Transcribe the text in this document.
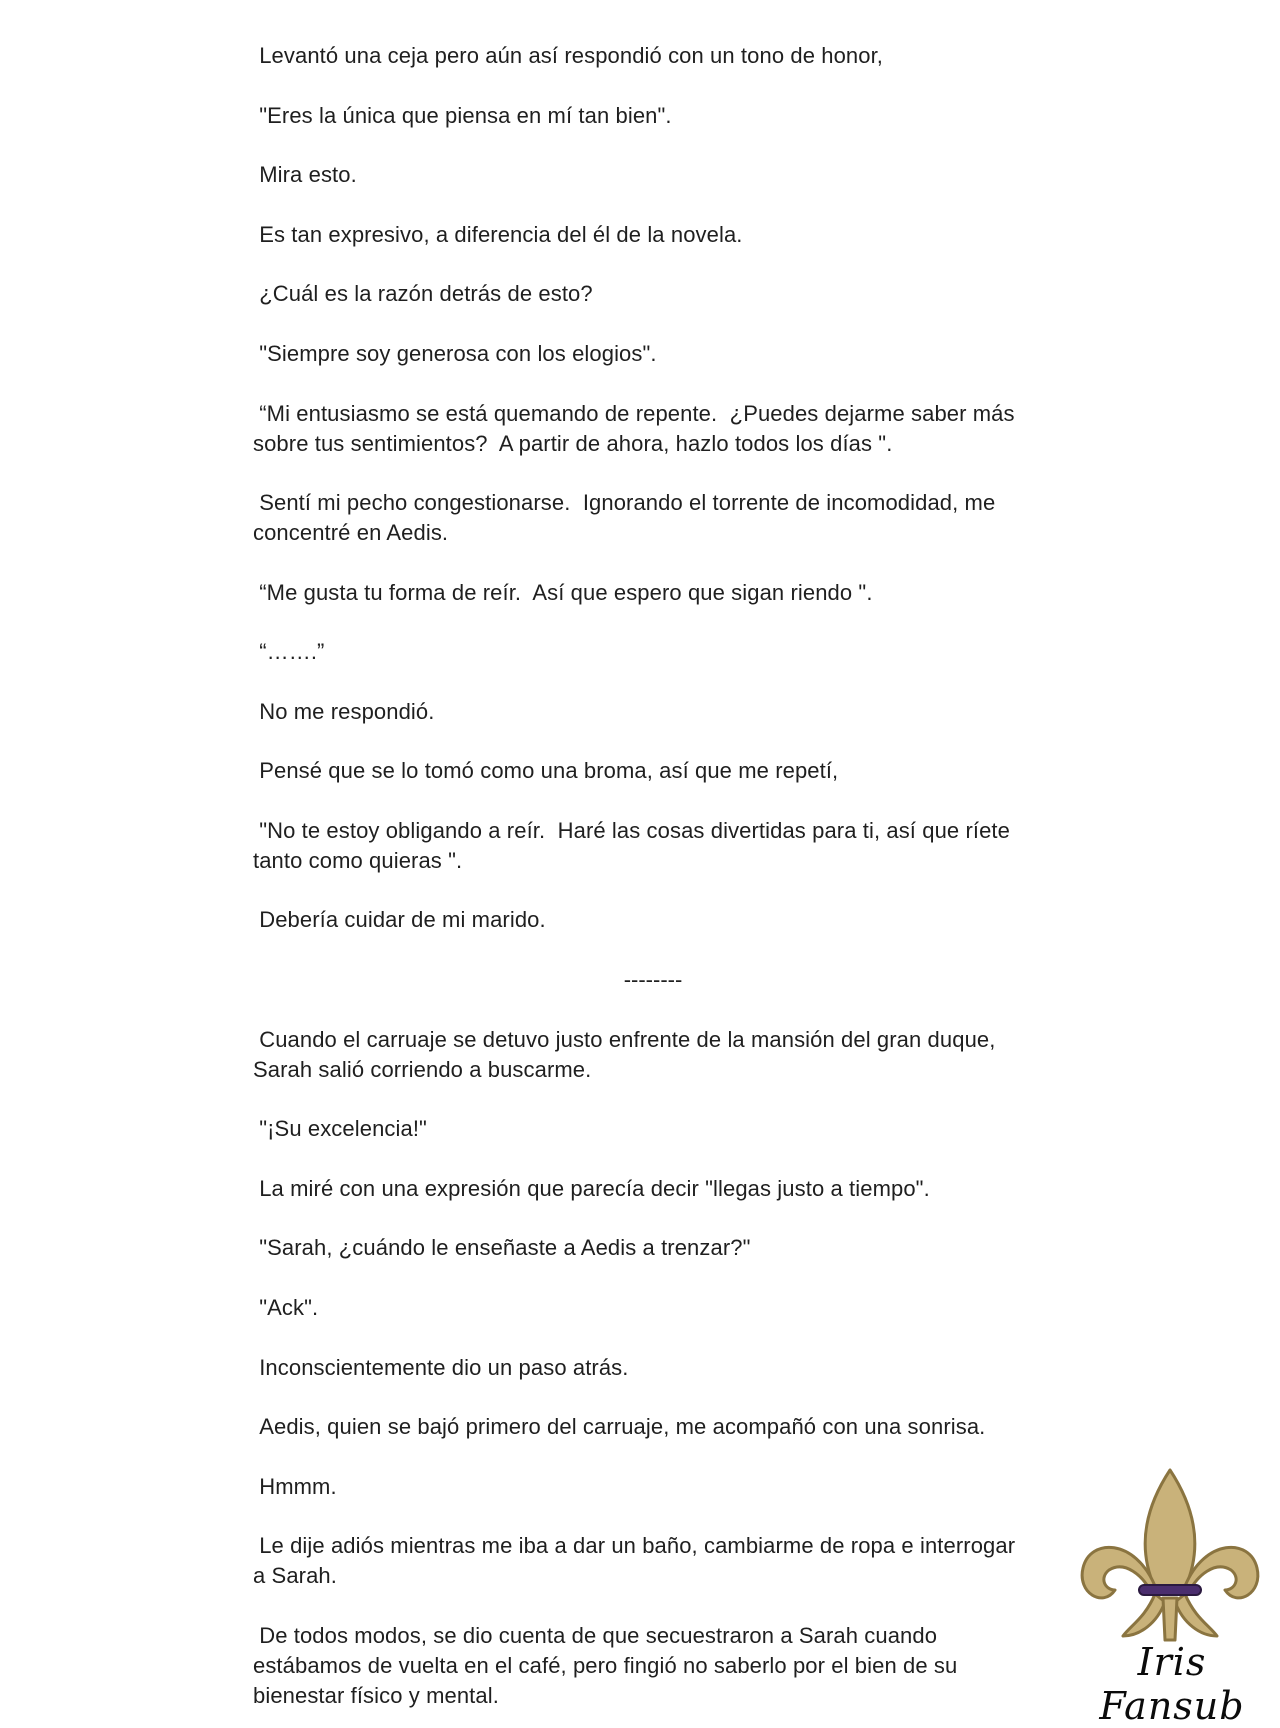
Levantó una ceja pero aún así respondió con un tono de honor,

"Eres la única que piensa en mí tan bien".

Mira esto.

Es tan expresivo, a diferencia del él de la novela.

¿Cuál es la razón detrás de esto?

"Siempre soy generosa con los elogios".

“Mi entusiasmo se está quemando de repente.  ¿Puedes dejarme saber más
sobre tus sentimientos?  A partir de ahora, hazlo todos los días ".

Sentí mi pecho congestionarse.  Ignorando el torrente de incomodidad, me
concentré en Aedis.

“Me gusta tu forma de reír.  Así que espero que sigan riendo ".

“…….”

No me respondió.

Pensé que se lo tomó como una broma, así que me repetí,

"No te estoy obligando a reír.  Haré las cosas divertidas para ti, así que ríete
tanto como quieras ".

Debería cuidar de mi marido.

--------

Cuando el carruaje se detuvo justo enfrente de la mansión del gran duque,
Sarah salió corriendo a buscarme.

"¡Su excelencia!"

La miré con una expresión que parecía decir "llegas justo a tiempo".

"Sarah, ¿cuándo le enseñaste a Aedis a trenzar?"

"Ack".

Inconscientemente dio un paso atrás.

Aedis, quien se bajó primero del carruaje, me acompañó con una sonrisa.

Hmmm.

Le dije adiós mientras me iba a dar un baño, cambiarme de ropa e interrogar
a Sarah.

De todos modos, se dio cuenta de que secuestraron a Sarah cuando
estábamos de vuelta en el café, pero fingió no saberlo por el bien de su
bienestar físico y mental.

Iris Fansub
